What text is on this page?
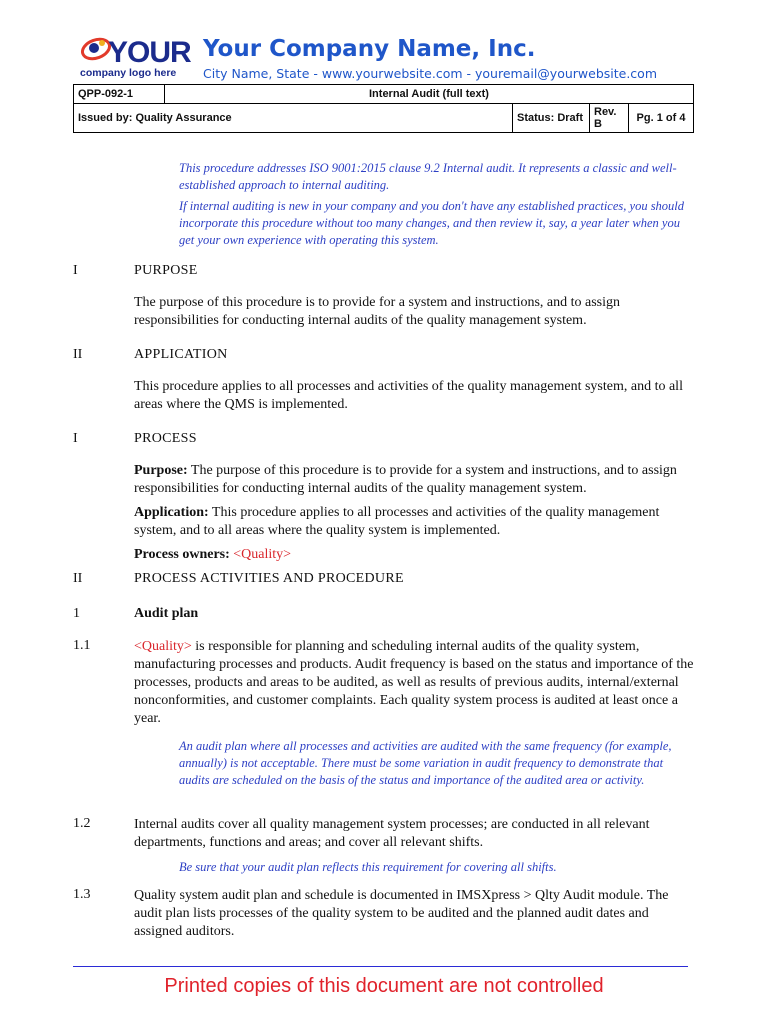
YOUR
company logo here
Your Company Name, Inc.
City Name, State - www.yourwebsite.com - youremail@yourwebsite.com
QPP-092-1	Internal Audit (full text)			
Issued by: Quality Assurance		Status: Draft	Rev. B	Pg. 1 of 4
This procedure addresses ISO 9001:2015 clause 9.2 Internal audit. It represents a classic and well-established approach to internal auditing.
If internal auditing is new in your company and you don't have any established practices, you should incorporate this procedure without too many changes, and then review it, say, a year later when you get your own experience with operating this system.
I	PURPOSE
The purpose of this procedure is to provide for a system and instructions, and to assign responsibilities for conducting internal audits of the quality management system.
II	APPLICATION
This procedure applies to all processes and activities of the quality management system, and to all areas where the QMS is implemented.
I	PROCESS
Purpose: The purpose of this procedure is to provide for a system and instructions, and to assign responsibilities for conducting internal audits of the quality management system.
Application: This procedure applies to all processes and activities of the quality management system, and to all areas where the quality system is implemented.
Process owners: <Quality>
II	PROCESS ACTIVITIES AND PROCEDURE
1	Audit plan
1.1	<Quality> is responsible for planning and scheduling internal audits of the quality system, manufacturing processes and products. Audit frequency is based on the status and importance of the processes, products and areas to be audited, as well as results of previous audits, internal/external nonconformities, and customer complaints. Each quality system process is audited at least once a year.
An audit plan where all processes and activities are audited with the same frequency (for example, annually) is not acceptable. There must be some variation in audit frequency to demonstrate that audits are scheduled on the basis of the status and importance of the audited area or activity.
1.2	Internal audits cover all quality management system processes; are conducted in all relevant departments, functions and areas; and cover all relevant shifts.
Be sure that your audit plan reflects this requirement for covering all shifts.
1.3	Quality system audit plan and schedule is documented in IMSXpress > Qlty Audit module. The audit plan lists processes of the quality system to be audited and the planned audit dates and assigned auditors.
Printed copies of this document are not controlled
